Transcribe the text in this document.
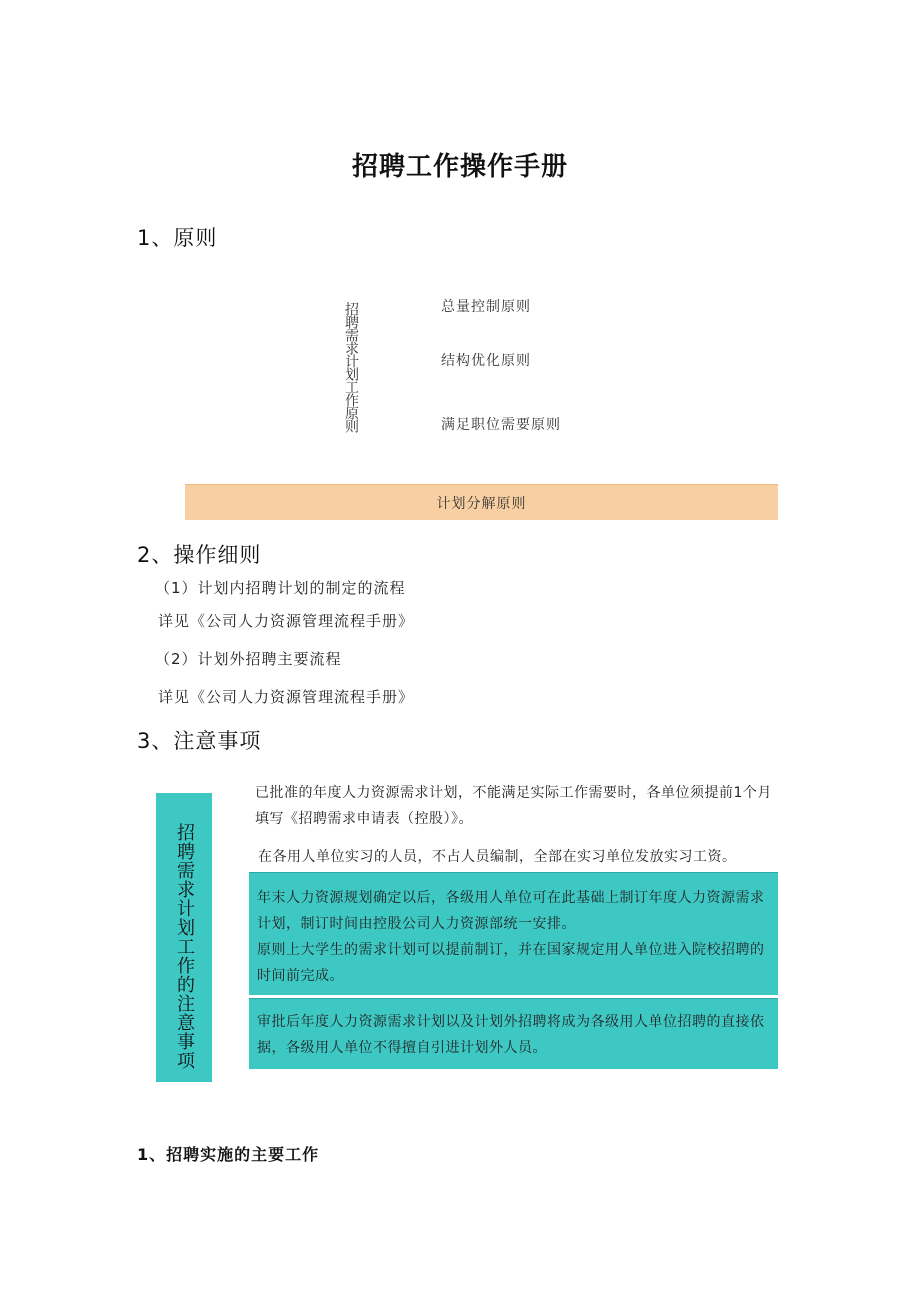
招聘工作操作手册
1、原则
招聘需求计划工作原则	总量控制原则
结构优化原则
满足职位需要原则
计划分解原则
2、操作细则
（1）计划内招聘计划的制定的流程
详见《公司人力资源管理流程手册》
（2）计划外招聘主要流程
详见《公司人力资源管理流程手册》
3、注意事项
招聘需求计划工作的注意事项
已批准的年度人力资源需求计划，不能满足实际工作需要时，各单位须提前1个月填写《招聘需求申请表（控股）》。
在各用人单位实习的人员，不占人员编制，全部在实习单位发放实习工资。
年末人力资源规划确定以后，各级用人单位可在此基础上制订年度人力资源需求计划，制订时间由控股公司人力资源部统一安排。
原则上大学生的需求计划可以提前制订，并在国家规定用人单位进入院校招聘的时间前完成。
审批后年度人力资源需求计划以及计划外招聘将成为各级用人单位招聘的直接依据，各级用人单位不得擅自引进计划外人员。
1、招聘实施的主要工作
